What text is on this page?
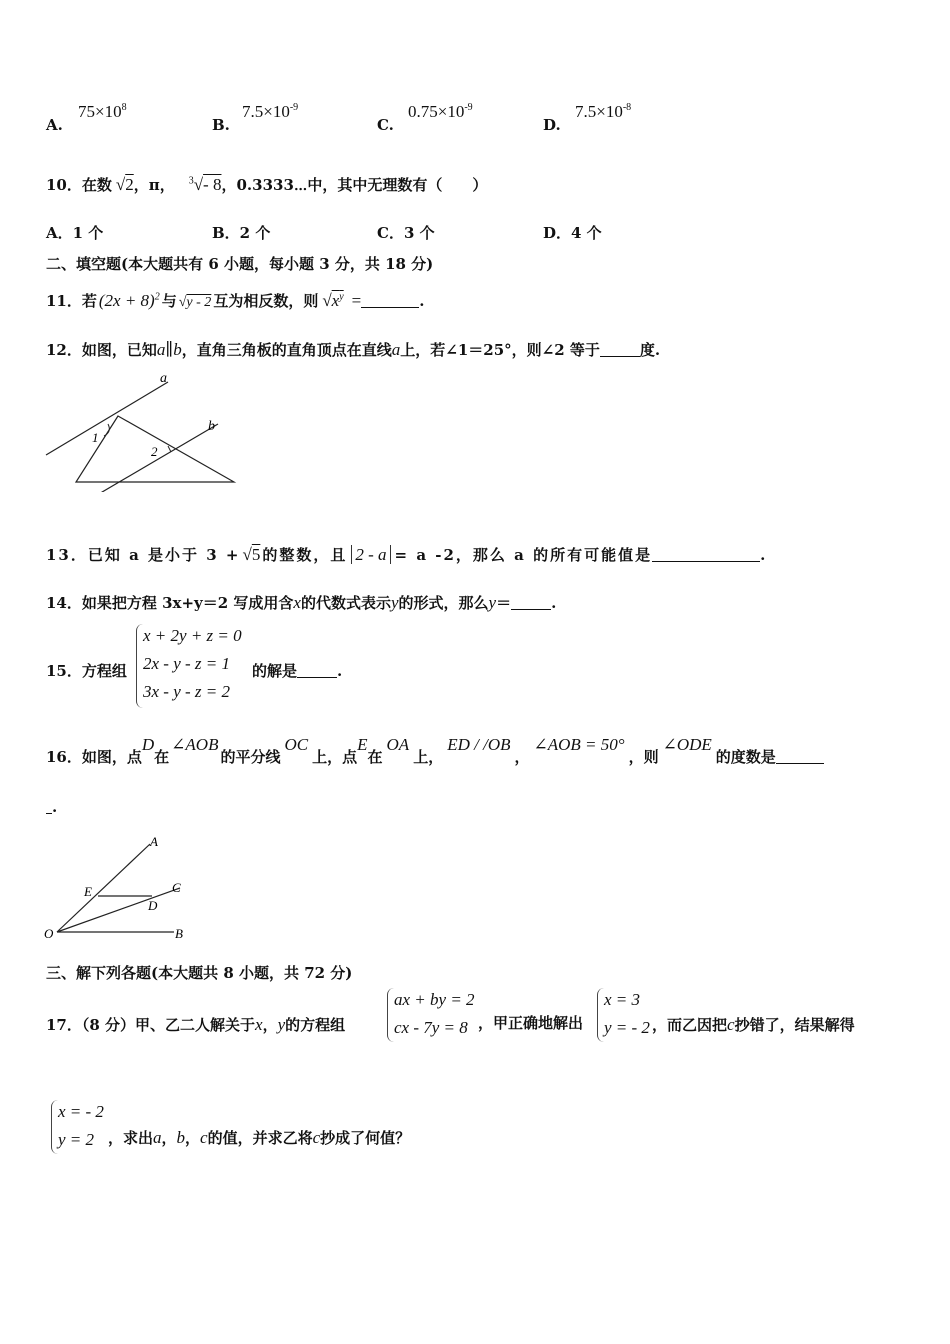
A.
$75\times 10^8$
B.
$7.5\times 10^{-9}$
C.
$0.75\times 10^{-9}$
D.
$7.5\times 10^{-8}$
10．在数 √2，π， $^3$√- 8，0.3333⋯中，其中无理数有（　　）
A．1 个	B．2 个	C．3 个	D．4 个
二、填空题(本大题共有 6 小题，每小题 3 分，共 18 分)
11．若 $(2x + 8)^2$ 与 √y - 2 互为相反数，则 $√x^y$ =	.
12．如图，已知a∥b，直角三角板的直角顶点在直线a上，若∠1＝25°，则∠2 等于	度.
a
b
1
2
13．已知 a 是小于 3 + √5 的整数，且 2 - a = a -2，那么 a 的所有可能值是	.
14．如果把方程 3x+y＝2 写成用含x的代数式表示y的形式，那么y＝	.
15．方程组
x + 2y + z = 0
2x - y - z = 1
3x - y - z = 2
的解是	.
16．如图，点D在∠AOB的平分线OC上，点E在OA上，ED / /OB，∠AOB = 50°，则∠ODE的度数是
.
A
C
E
D
O	B
三、解下列各题(本大题共 8 小题，共 72 分)
17．（8 分）甲、乙二人解关于x，y的方程组
ax + by = 2
cx - 7y = 8 ，甲正确地解出
x = 3
y = - 2 ，而乙因把c抄错了，结果解得
x = - 2
y = 2 ，求出a，b，c的值，并求乙将c抄成了何值？
